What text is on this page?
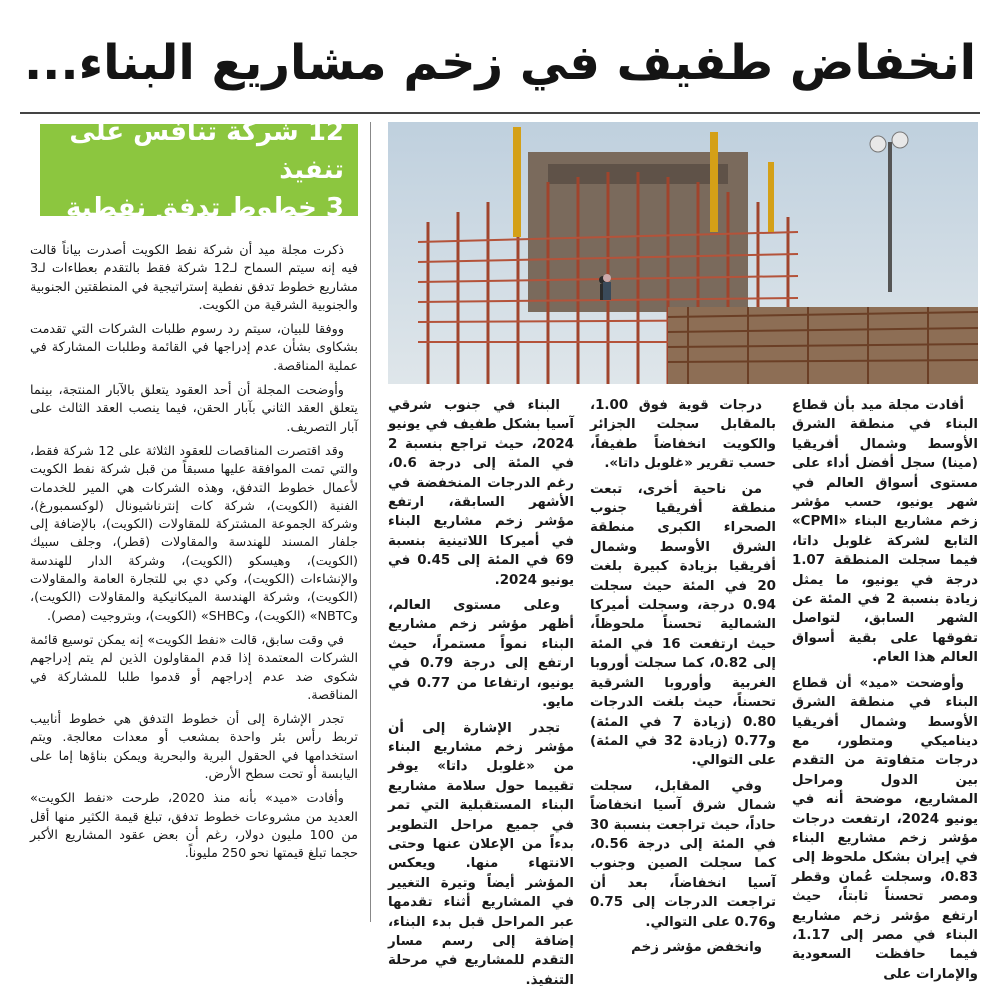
انخفاض طفيف في زخم مشاريع البناء...
12 شركة تنافس على تنفيذ
3 خطوط تدفق نفطية

ذكرت مجلة ميد أن شركة نفط الكويت أصدرت بياناً قالت فيه إنه سيتم السماح لـ12 شركة فقط بالتقدم بعطاءات لـ3 مشاريع خطوط تدفق نفطية إستراتيجية في المنطقتين الجنوبية والجنوبية الشرقية من الكويت.

ووفقا للبيان، سيتم رد رسوم طلبات الشركات التي تقدمت بشكاوى بشأن عدم إدراجها في القائمة وطلبات المشاركة في عملية المناقصة.

وأوضحت المجلة أن أحد العقود يتعلق بالآبار المنتجة، بينما يتعلق العقد الثاني بآبار الحقن، فيما ينصب العقد الثالث على آبار التصريف.

وقد اقتصرت المناقصات للعقود الثلاثة على 12 شركة فقط، والتي تمت الموافقة عليها مسبقاً من قبل شركة نفط الكويت لأعمال خطوط التدفق، وهذه الشركات هي المير للخدمات الفنية (الكويت)، شركة كات إنترناشيونال (لوكسمبورغ)، وشركة الجموعة المشتركة للمقاولات (الكويت)، بالإضافة إلى جلفار المسند للهندسة والمقاولات (قطر)، وجلف سبيك (الكويت)، وهيسكو (الكويت)، وشركة الدار للهندسة والإنشاءات (الكويت)، وكي دي بي للتجارة العامة والمقاولات (الكويت)، وشركة الهندسة الميكانيكية والمقاولات (الكويت)، وNBTC» (الكويت)، وSHBC» (الكويت)، وبتروجيت (مصر).

في وقت سابق، قالت «نفط الكويت» إنه يمكن توسيع قائمة الشركات المعتمدة إذا قدم المقاولون الذين لم يتم إدراجهم شكوى ضد عدم إدراجهم أو قدموا طلبا للمشاركة في المناقصة.

تجدر الإشارة إلى أن خطوط التدفق هي خطوط أنابيب تربط رأس بئر واحدة بمشعب أو معدات معالجة. ويتم استخدامها في الحقول البرية والبحرية ويمكن بناؤها إما على اليابسة أو تحت سطح الأرض.

وأفادت «ميد» بأنه منذ 2020، طرحت «نفط الكويت» العديد من مشروعات خطوط تدفق، تبلغ قيمة الكثير منها أقل من 100 مليون دولار، رغم أن بعض عقود المشاريع الأكبر حجما تبلغ قيمتها نحو 250 مليوناً.

أفادت مجلة ميد بأن قطاع البناء في منطقة الشرق الأوسط وشمال أفريقيا (مينا) سجل أفضل أداء على مستوى أسواق العالم في شهر يونيو، حسب مؤشر زخم مشاريع البناء «CPMI» التابع لشركة غلوبل داتا، فيما سجلت المنطقة 1.07 درجة في يونيو، ما يمثل زيادة بنسبة 2 في المئة عن الشهر السابق، لتواصل تفوقها على بقية أسواق العالم هذا العام.

وأوضحت «ميد» أن قطاع البناء في منطقة الشرق الأوسط وشمال أفريقيا ديناميكي ومتطور، مع درجات متفاوتة من التقدم بين الدول ومراحل المشاريع، موضحة أنه في يونيو 2024، ارتفعت درجات مؤشر زخم مشاريع البناء في إيران بشكل ملحوظ إلى 0.83، وسجلت عُمان وقطر ومصر تحسناً ثابتاً، حيث ارتفع مؤشر زخم مشاريع البناء في مصر إلى 1.17، فيما حافظت السعودية والإمارات على

درجات قوية فوق 1.00، بالمقابل سجلت الجزائر والكويت انخفاضاً طفيفاً، حسب تقرير «غلوبل داتا».

من ناحية أخرى، تبعت منطقة أفريقيا جنوب الصحراء الكبرى منطقة الشرق الأوسط وشمال أفريقيا بزيادة كبيرة بلغت 20 في المئة حيث سجلت 0.94 درجة، وسجلت أميركا الشمالية تحسناً ملحوظاً، حيث ارتفعت 16 في المئة إلى 0.82، كما سجلت أوروبا الغربية وأوروبا الشرقية تحسناً، حيث بلغت الدرجات 0.80 (زيادة 7 في المئة) و0.77 (زيادة 32 في المئة) على التوالي.

وفي المقابل، سجلت شمال شرق آسيا انخفاضاً حاداً، حيث تراجعت بنسبة 30 في المئة إلى درجة 0.56، كما سجلت الصين وجنوب آسيا انخفاضاً، بعد أن تراجعت الدرجات إلى 0.75 و0.76 على التوالي.

وانخفض مؤشر زخم

البناء في جنوب شرقي آسيا بشكل طفيف في يونيو 2024، حيث تراجع بنسبة 2 في المئة إلى درجة 0.6، رغم الدرجات المنخفضة في الأشهر السابقة، ارتفع مؤشر زخم مشاريع البناء في أميركا اللاتينية بنسبة 69 في المئة إلى 0.45 في يونيو 2024.

وعلى مستوى العالم، أظهر مؤشر زخم مشاريع البناء نمواً مستمراً، حيث ارتفع إلى درجة 0.79 في يونيو، ارتفاعا من 0.77 في مايو.

تجدر الإشارة إلى أن مؤشر زخم مشاريع البناء من «غلوبل داتا» يوفر تقييما حول سلامة مشاريع البناء المستقبلية التي تمر في جميع مراحل التطوير بدءاً من الإعلان عنها وحتى الانتهاء منها. ويعكس المؤشر أيضاً وتيرة التغيير في المشاريع أثناء تقدمها عبر المراحل قبل بدء البناء، إضافة إلى رسم مسار التقدم للمشاريع في مرحلة التنفيذ.
